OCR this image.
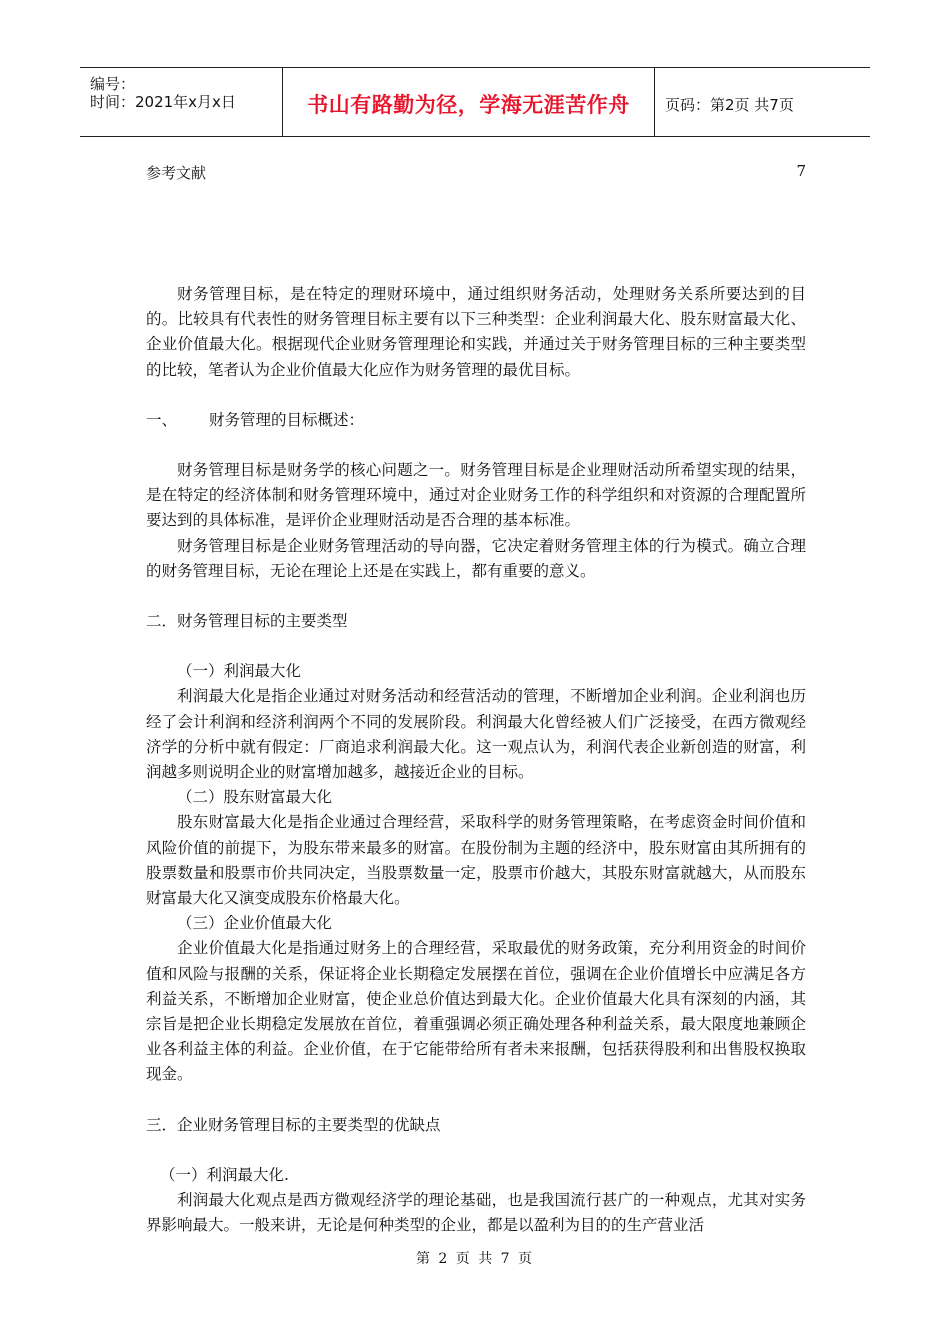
编号：
时间：2021年x月x日	书山有路勤为径，学海无涯苦作舟 页码：第2页 共7页
参考文献	7

财务管理目标，是在特定的理财环境中，通过组织财务活动，处理财务关系所要达到的目的。比较具有代表性的财务管理目标主要有以下三种类型：企业利润最大化、股东财富最大化、企业价值最大化。根据现代企业财务管理理论和实践，并通过关于财务管理目标的三种主要类型的比较，笔者认为企业价值最大化应作为财务管理的最优目标。

一、 财务管理的目标概述：

财务管理目标是财务学的核心问题之一。财务管理目标是企业理财活动所希望实现的结果，是在特定的经济体制和财务管理环境中，通过对企业财务工作的科学组织和对资源的合理配置所要达到的具体标准，是评价企业理财活动是否合理的基本标准。

财务管理目标是企业财务管理活动的导向器，它决定着财务管理主体的行为模式。确立合理的财务管理目标，无论在理论上还是在实践上，都有重要的意义。

二．财务管理目标的主要类型

（一）利润最大化

利润最大化是指企业通过对财务活动和经营活动的管理，不断增加企业利润。企业利润也历经了会计利润和经济利润两个不同的发展阶段。利润最大化曾经被人们广泛接受，在西方微观经济学的分析中就有假定：厂商追求利润最大化。这一观点认为，利润代表企业新创造的财富，利润越多则说明企业的财富增加越多，越接近企业的目标。

（二）股东财富最大化

股东财富最大化是指企业通过合理经营，采取科学的财务管理策略，在考虑资金时间价值和风险价值的前提下，为股东带来最多的财富。在股份制为主题的经济中，股东财富由其所拥有的股票数量和股票市价共同决定，当股票数量一定，股票市价越大，其股东财富就越大，从而股东财富最大化又演变成股东价格最大化。

（三）企业价值最大化

企业价值最大化是指通过财务上的合理经营，采取最优的财务政策，充分利用资金的时间价值和风险与报酬的关系，保证将企业长期稳定发展摆在首位，强调在企业价值增长中应满足各方利益关系，不断增加企业财富，使企业总价值达到最大化。企业价值最大化具有深刻的内涵，其宗旨是把企业长期稳定发展放在首位，着重强调必须正确处理各种利益关系，最大限度地兼顾企业各利益主体的利益。企业价值，在于它能带给所有者未来报酬，包括获得股利和出售股权换取现金。

三．企业财务管理目标的主要类型的优缺点

（一）利润最大化.

利润最大化观点是西方微观经济学的理论基础，也是我国流行甚广的一种观点，尤其对实务界影响最大。一般来讲，无论是何种类型的企业，都是以盈利为目的的生产营业活

第 2 页 共 7 页
